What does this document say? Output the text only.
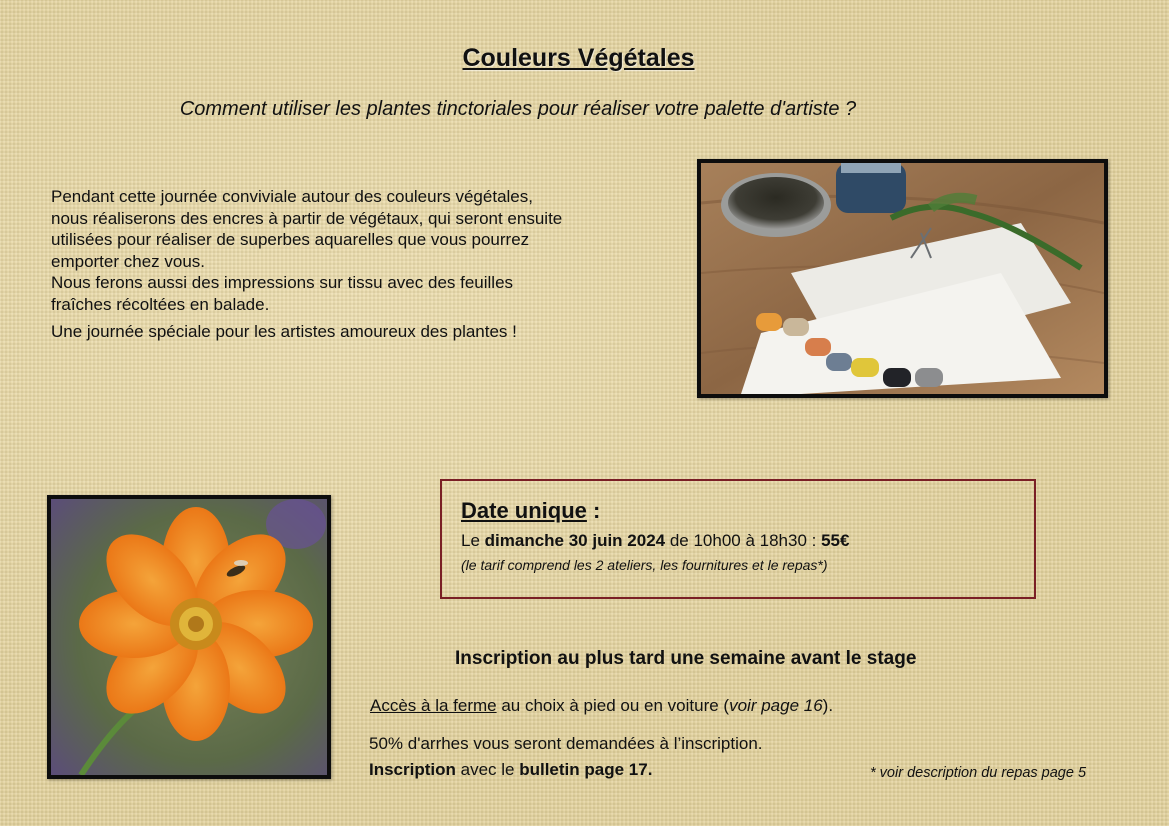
Couleurs Végétales
Comment utiliser les plantes tinctoriales pour réaliser votre palette d'artiste ?

Pendant cette journée conviviale autour des couleurs végétales,
nous réaliserons des encres à partir de végétaux, qui seront ensuite
utilisées pour réaliser de superbes aquarelles que vous pourrez
emporter chez vous.
Nous ferons aussi des impressions sur tissu avec des feuilles
fraîches récoltées en balade.

Une journée spéciale pour les artistes amoureux des plantes !

Date unique :
Le dimanche 30 juin 2024 de 10h00 à 18h30 : 55€
(le tarif comprend les 2 ateliers, les fournitures et le repas*)
Inscription au plus tard une semaine avant le stage
Accès à la ferme au choix à pied ou en voiture (voir page 16).
50% d'arrhes vous seront demandées à l’inscription.
Inscription avec le bulletin page 17.	* voir description du repas page 5
